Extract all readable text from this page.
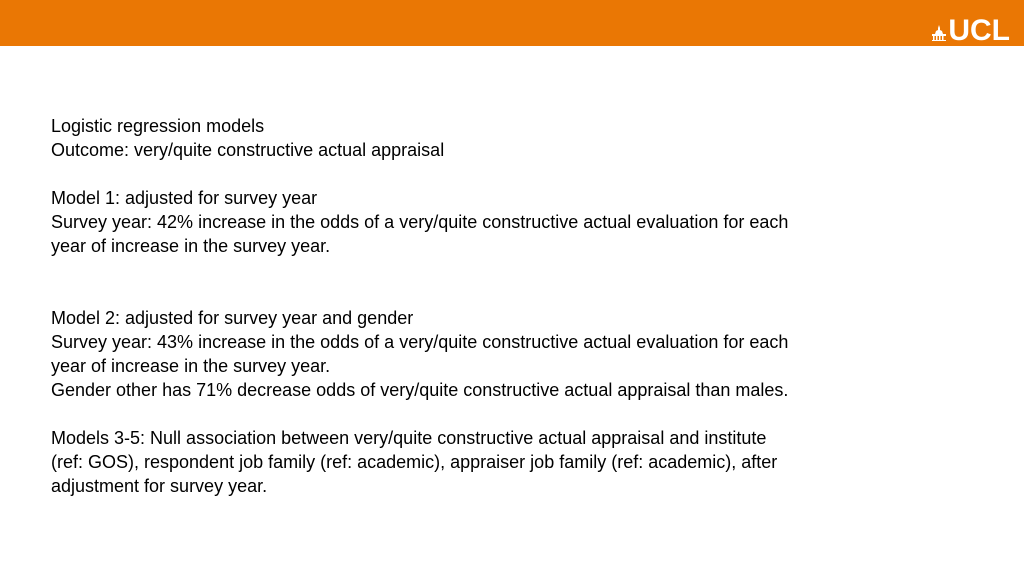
UCL

Logistic regression models

Outcome: very/quite constructive actual appraisal

Model 1: adjusted for survey year

Survey year: 42% increase in the odds of a very/quite constructive actual evaluation for each

year of increase in the survey year.

Model 2: adjusted for survey year and gender

Survey year: 43% increase in the odds of a very/quite constructive actual evaluation for each

year of increase in the survey year.

Gender other has 71% decrease odds of very/quite constructive actual appraisal than males.

Models 3-5: Null association between very/quite constructive actual appraisal and institute

(ref: GOS), respondent job family (ref: academic), appraiser job family (ref: academic), after

adjustment for survey year.
